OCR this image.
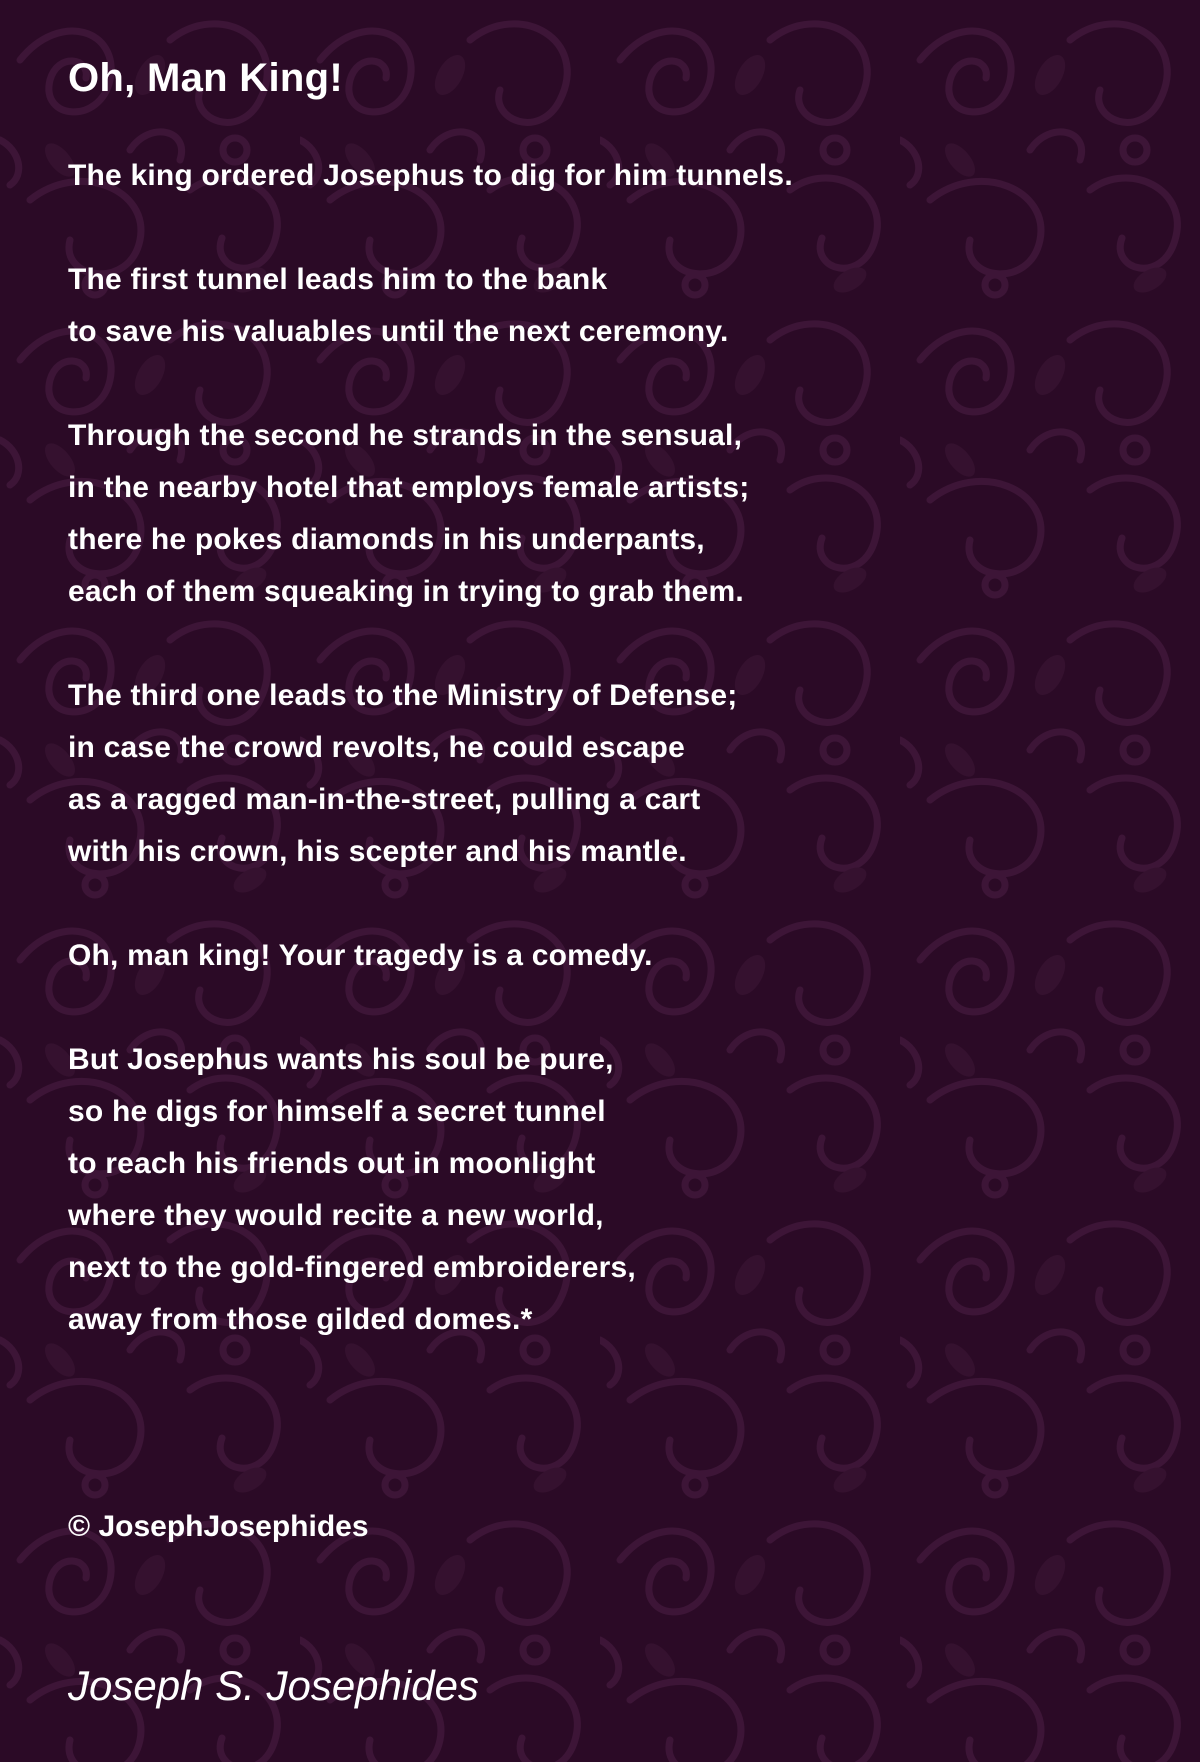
Oh, Man King!
The king ordered Josephus to dig for him tunnels.
The first tunnel leads him to the bank
to save his valuables until the next ceremony.
Through the second he strands in the sensual,
in the nearby hotel that employs female artists;
there he pokes diamonds in his underpants,
each of them squeaking in trying to grab them.
The third one leads to the Ministry of Defense;
in case the crowd revolts, he could escape
as a ragged man-in-the-street, pulling a cart
with his crown, his scepter and his mantle.
Oh, man king! Your tragedy is a comedy.
But Josephus wants his soul be pure,
so he digs for himself a secret tunnel
to reach his friends out in moonlight
where they would recite a new world,
next to the gold-fingered embroiderers,
away from those gilded domes.*

© JosephJosephides

Joseph S. Josephides
